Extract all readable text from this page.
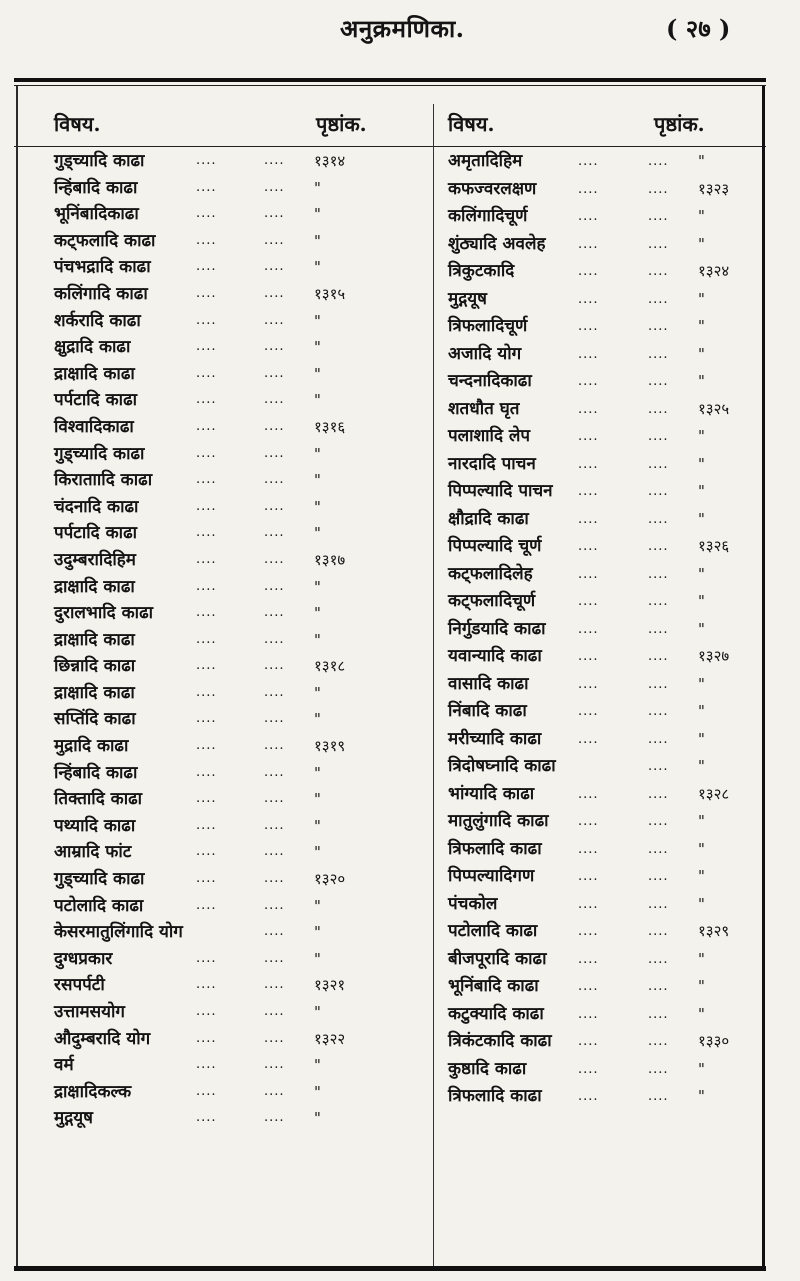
अनुक्रमणिका.	( २७ )
विषय.	पृष्ठांक.
गुड्च्यादि काढा	....	.... १३१४
न्हिंबादि काढा	....	.... "
भूनिंबादिकाढा	....	.... "
कट्फलादि काढा	....	.... "
पंचभद्रादि काढा	....	.... "
कलिंगादि काढा	....	.... १३१५
शर्करादि काढा	....	.... "
क्षुद्रादि काढा	....	.... "
द्राक्षादि काढा	....	.... "
पर्पटादि काढा	....	.... "
विश्वादिकाढा	....	.... १३१६
गुड्च्यादि काढा	....	.... "
किराताादि काढा	....	.... "
चंदनादि काढा	....	.... "
पर्पटादि काढा	....	.... "
उदुम्बरादिहिम	....	.... १३१७
द्राक्षादि काढा	....	.... "
दुरालभादि काढा	....	.... "
द्राक्षादि काढा	....	.... "
छिन्नादि काढा	....	.... १३१८
द्राक्षादि काढा	....	.... "
सप्तिंदि काढा	....	.... "
मुद्रादि काढा	....	.... १३१९
न्हिंबादि काढा	....	.... "
तिक्तादि काढा	....	.... "
पथ्यादि काढा	....	.... "
आम्रादि फांट	....	.... "
गुड्च्यादि काढा	....	.... १३२०
पटोलादि काढा	....	.... "
केसरमातुलिंगादि योग	.... "
दुग्धप्रकार	....	.... "
रसपर्पटी	....	.... १३२१
उत्तामसयोग	....	.... "
औदुम्बरादि योग	....	.... १३२२
वर्म	....	.... "
द्राक्षादिकल्क	....	.... "
मुद्गयूष	....	.... "
विषय.	पृष्ठांक.
अमृतादिहिम	....	.... "
कफज्वरलक्षण	....	.... १३२३
कलिंगादिचूर्ण	....	.... "
शुंठ्यादि अवलेह	....	.... "
त्रिकुटकादि	....	.... १३२४
मुद्गयूष	....	.... "
त्रिफलादिचूर्ण	....	.... "
अजादि योग	....	.... "
चन्दनादिकाढा	....	.... "
शतधौत घृत	....	.... १३२५
पलाशादि लेप	....	.... "
नारदादि पाचन	....	.... "
पिप्पल्यादि पाचन ....	.... "
क्षौद्रादि काढा	....	.... "
पिप्पल्यादि चूर्ण	....	.... १३२६
कट्फलादिलेह	....	.... "
कट्फलादिचूर्ण	....	.... "
निर्गुडयादि काढा ....	.... "
यवान्यादि काढा	....	.... १३२७
वासादि काढा	....	.... "
निंबादि काढा	....	.... "
मरीच्यादि काढा	....	.... "
त्रिदोषघ्नादि काढा	.... "
भांग्यादि काढा	....	.... १३२८
मातुलुंगादि काढा ....	.... "
त्रिफलादि काढा	....	.... "
पिप्पल्यादिगण	....	.... "
पंचकोल	....	.... "
पटोलादि काढा	....	.... १३२९
बीजपूरादि काढा ....	.... "
भूनिंबादि काढा	....	.... "
कटुक्यादि काढा	....	.... "
त्रिकंटकादि काढा ....	.... १३३०
कुष्ठादि काढा	....	.... "
त्रिफलादि काढा	....	.... "
